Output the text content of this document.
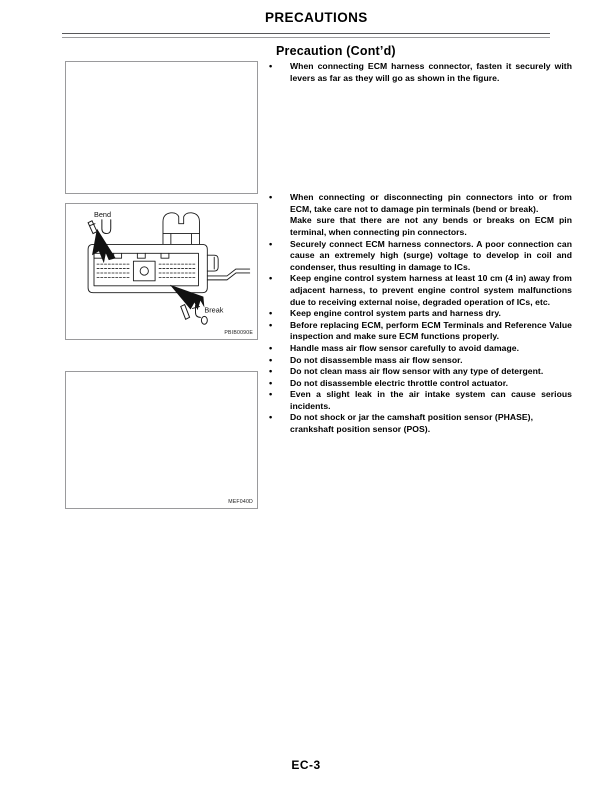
PRECAUTIONS
Precaution (Cont’d)
Bend
Break
PBIB0090E
MEF040D
• When connecting ECM harness connector, fasten it securely with levers as far as they will go as shown in the figure.

• When connecting or disconnecting pin connectors into or from ECM, take care not to damage pin terminals (bend or break).

Make sure that there are not any bends or breaks on ECM pin terminal, when connecting pin connectors.

• Securely connect ECM harness connectors. A poor connection can cause an extremely high (surge) voltage to develop in coil and condenser, thus resulting in damage to ICs.

• Keep engine control system harness at least 10 cm (4 in) away from adjacent harness, to prevent engine control system malfunctions due to receiving external noise, degraded operation of ICs, etc.

• Keep engine control system parts and harness dry.

• Before replacing ECM, perform ECM Terminals and Reference Value inspection and make sure ECM functions properly.

• Handle mass air flow sensor carefully to avoid damage.

• Do not disassemble mass air flow sensor.

• Do not clean mass air flow sensor with any type of detergent.

• Do not disassemble electric throttle control actuator.

• Even a slight leak in the air intake system can cause serious incidents.

• Do not shock or jar the camshaft position sensor (PHASE), crankshaft position sensor (POS).

EC-3
